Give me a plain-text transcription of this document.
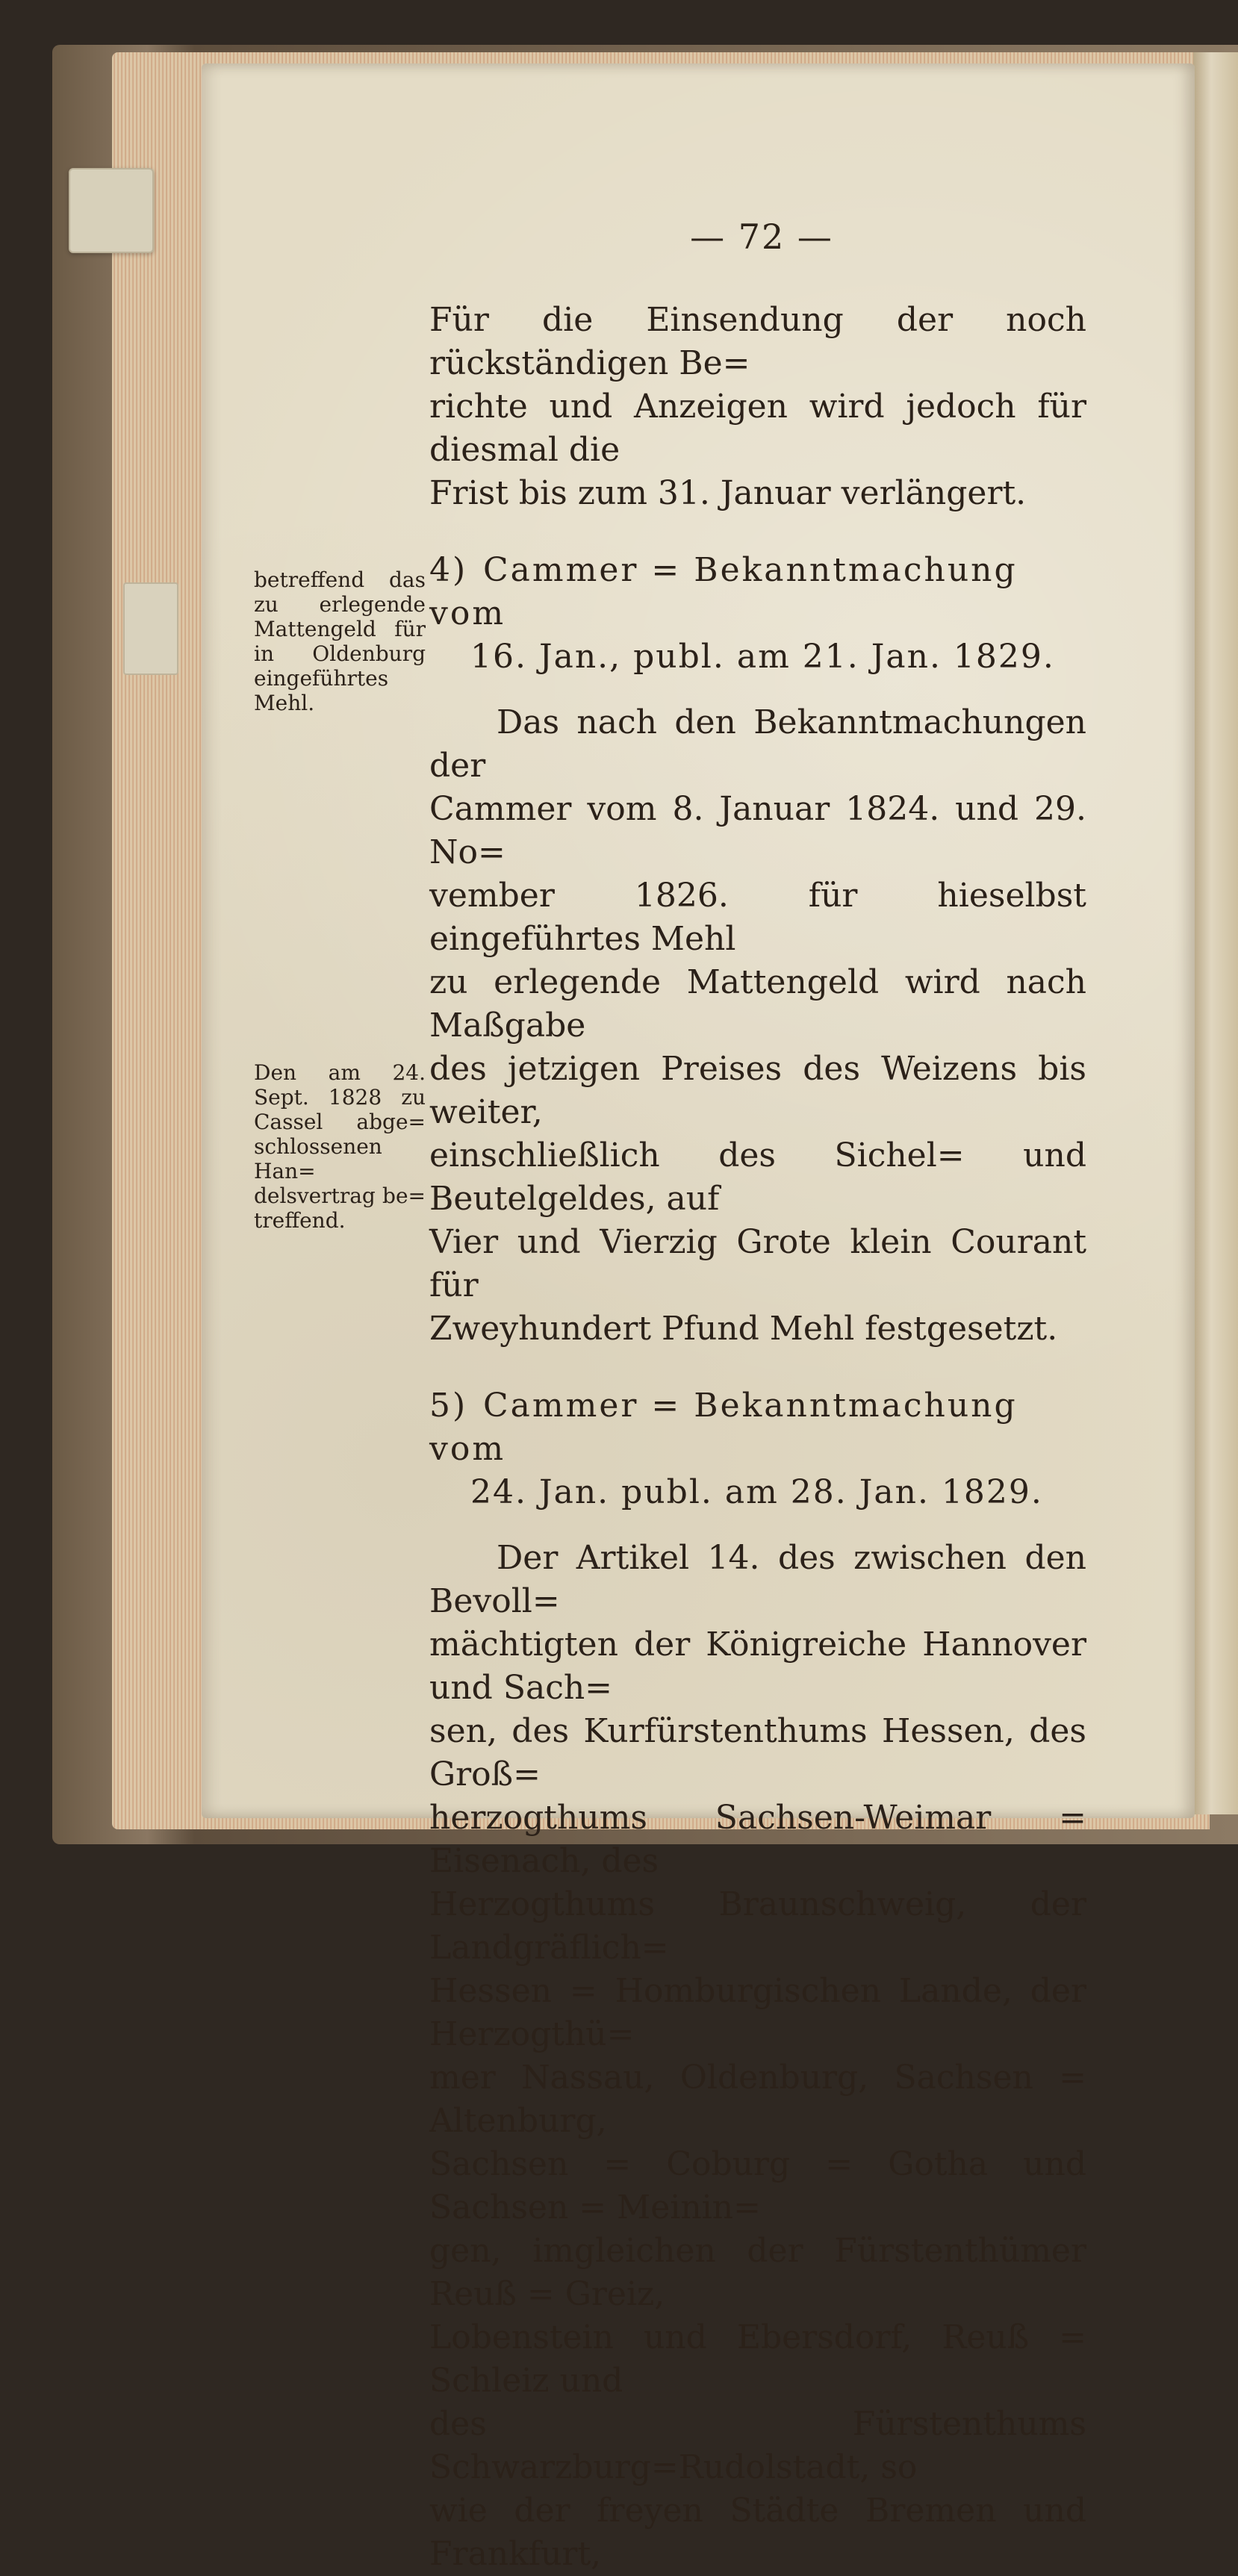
— 72 —

Für die Einsendung der noch rückständigen Be=

richte und Anzeigen wird jedoch für diesmal die

Frist bis zum 31. Januar verlängert.

4) Cammer = Bekanntmachung vom
16. Jan., publ. am 21. Jan. 1829.

Das nach den Bekanntmachungen der

Cammer vom 8. Januar 1824. und 29. No=

vember 1826. für hieselbst eingeführtes Mehl

zu erlegende Mattengeld wird nach Maßgabe

des jetzigen Preises des Weizens bis weiter,

einschließlich des Sichel= und Beutelgeldes, auf

Vier und Vierzig Grote klein Courant für

Zweyhundert Pfund Mehl festgesetzt.

5) Cammer = Bekanntmachung vom
24. Jan. publ. am 28. Jan. 1829.

Der Artikel 14. des zwischen den Bevoll=

mächtigten der Königreiche Hannover und Sach=

sen, des Kurfürstenthums Hessen, des Groß=

herzogthums Sachsen-Weimar = Eisenach, des

Herzogthums Braunschweig, der Landgräflich=

Hessen = Homburgischen Lande, der Herzogthü=

mer Nassau, Oldenburg, Sachsen = Altenburg,

Sachsen = Coburg = Gotha und Sachsen = Meinin=

gen, imgleichen der Fürstenthümer Reuß = Greiz,

Lobenstein und Ebersdorf, Reuß = Schleiz und

des Fürstenthums Schwarzburg=Rudolstadt, so

wie der freyen Städte Bremen und Frankfurt,

betreffend das zu erlegende Mattengeld für in Oldenburg eingeführtes Mehl.
Den am 24. Sept. 1828 zu Cassel abge= schlossenen Han= delsvertrag be= treffend.
